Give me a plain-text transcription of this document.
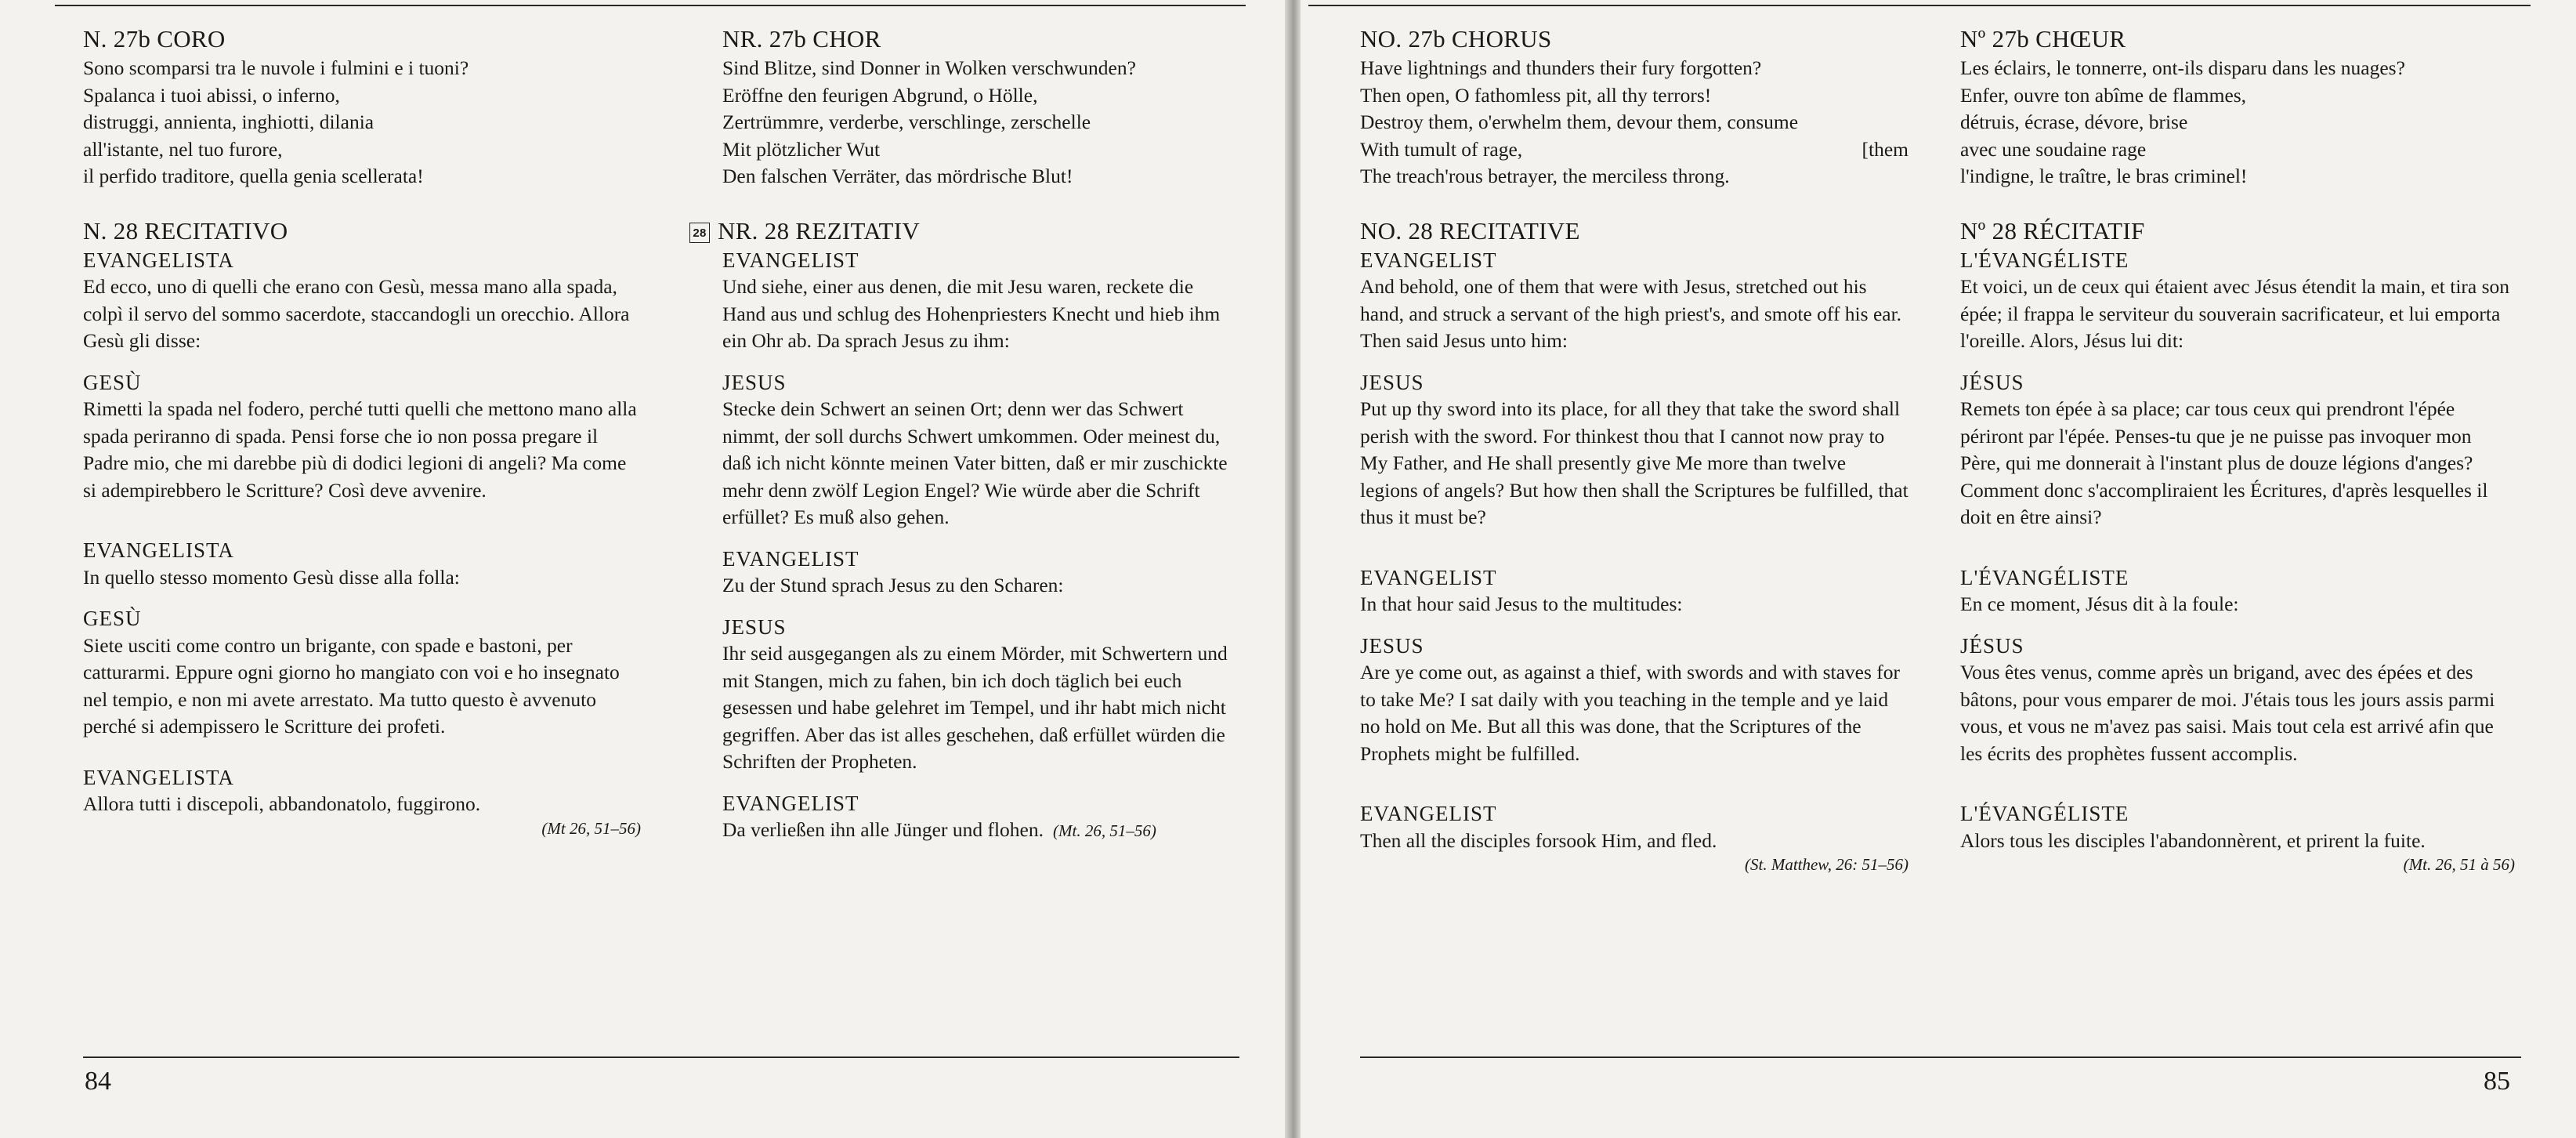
N. 27b CORO

Sono scomparsi tra le nuvole i fulmini e i tuoni?

Spalanca i tuoi abissi, o inferno,

distruggi, annienta, inghiotti, dilania

all'istante, nel tuo furore,

il perfido traditore, quella genia scellerata!

N. 28 RECITATIVO

EVANGELISTA

Ed ecco, uno di quelli che erano con Gesù, messa mano alla spada, colpì il servo del sommo sacerdote, staccandogli un orecchio. Allora Gesù gli disse:

GESÙ

Rimetti la spada nel fodero, perché tutti quelli che mettono mano alla spada periranno di spada. Pensi forse che io non possa pregare il Padre mio, che mi darebbe più di dodici legioni di angeli? Ma come si adempirebbero le Scritture? Così deve avvenire.

EVANGELISTA

In quello stesso momento Gesù disse alla folla:

GESÙ

Siete usciti come contro un brigante, con spade e bastoni, per catturarmi. Eppure ogni giorno ho mangiato con voi e ho insegnato nel tempio, e non mi avete arrestato. Ma tutto questo è avvenuto perché si adempissero le Scritture dei profeti.

EVANGELISTA

Allora tutti i discepoli, abbandonatolo, fuggirono.

(Mt 26, 51–56)

NR. 27b CHOR

Sind Blitze, sind Donner in Wolken verschwunden?

Eröffne den feurigen Abgrund, o Hölle,

Zertrümmre, verderbe, verschlinge, zerschelle

Mit plötzlicher Wut

Den falschen Verräter, das mördrische Blut!

28 NR. 28 REZITATIV

EVANGELIST

Und siehe, einer aus denen, die mit Jesu waren, reckete die Hand aus und schlug des Hohenpriesters Knecht und hieb ihm ein Ohr ab. Da sprach Jesus zu ihm:

JESUS

Stecke dein Schwert an seinen Ort; denn wer das Schwert nimmt, der soll durchs Schwert umkommen. Oder meinest du, daß ich nicht könnte meinen Vater bitten, daß er mir zuschickte mehr denn zwölf Legion Engel? Wie würde aber die Schrift erfüllet? Es muß also gehen.

EVANGELIST

Zu der Stund sprach Jesus zu den Scharen:

JESUS

Ihr seid ausgegangen als zu einem Mörder, mit Schwertern und mit Stangen, mich zu fahen, bin ich doch täglich bei euch gesessen und habe gelehret im Tempel, und ihr habt mich nicht gegriffen. Aber das ist alles geschehen, daß erfüllet würden die Schriften der Propheten.

EVANGELIST

Da verließen ihn alle Jünger und flohen. (Mt. 26, 51–56)

84

NO. 27b CHORUS

Have lightnings and thunders their fury forgotten?

Then open, O fathomless pit, all thy terrors!

Destroy them, o'erwhelm them, devour them, consume

With tumult of rage,	[them

The treach'rous betrayer, the merciless throng.

NO. 28 RECITATIVE

EVANGELIST

And behold, one of them that were with Jesus, stretched out his hand, and struck a servant of the high priest's, and smote off his ear. Then said Jesus unto him:

JESUS

Put up thy sword into its place, for all they that take the sword shall perish with the sword. For thinkest thou that I cannot now pray to My Father, and He shall presently give Me more than twelve legions of angels? But how then shall the Scriptures be fulfilled, that thus it must be?

EVANGELIST

In that hour said Jesus to the multitudes:

JESUS

Are ye come out, as against a thief, with swords and with staves for to take Me? I sat daily with you teaching in the temple and ye laid no hold on Me. But all this was done, that the Scriptures of the Prophets might be fulfilled.

EVANGELIST

Then all the disciples forsook Him, and fled.

(St. Matthew, 26: 51–56)

Nº 27b CHŒUR

Les éclairs, le tonnerre, ont-ils disparu dans les nuages?

Enfer, ouvre ton abîme de flammes,

détruis, écrase, dévore, brise

avec une soudaine rage

l'indigne, le traître, le bras criminel!

Nº 28 RÉCITATIF

L'ÉVANGÉLISTE

Et voici, un de ceux qui étaient avec Jésus étendit la main, et tira son épée; il frappa le serviteur du souverain sacrificateur, et lui emporta l'oreille. Alors, Jésus lui dit:

JÉSUS

Remets ton épée à sa place; car tous ceux qui prendront l'épée périront par l'épée. Penses-tu que je ne puisse pas invoquer mon Père, qui me donnerait à l'instant plus de douze légions d'anges? Comment donc s'accompliraient les Écritures, d'après lesquelles il doit en être ainsi?

L'ÉVANGÉLISTE

En ce moment, Jésus dit à la foule:

JÉSUS

Vous êtes venus, comme après un brigand, avec des épées et des bâtons, pour vous emparer de moi. J'étais tous les jours assis parmi vous, et vous ne m'avez pas saisi. Mais tout cela est arrivé afin que les écrits des prophètes fussent accomplis.

L'ÉVANGÉLISTE

Alors tous les disciples l'abandonnèrent, et prirent la fuite.

(Mt. 26, 51 à 56)

85
